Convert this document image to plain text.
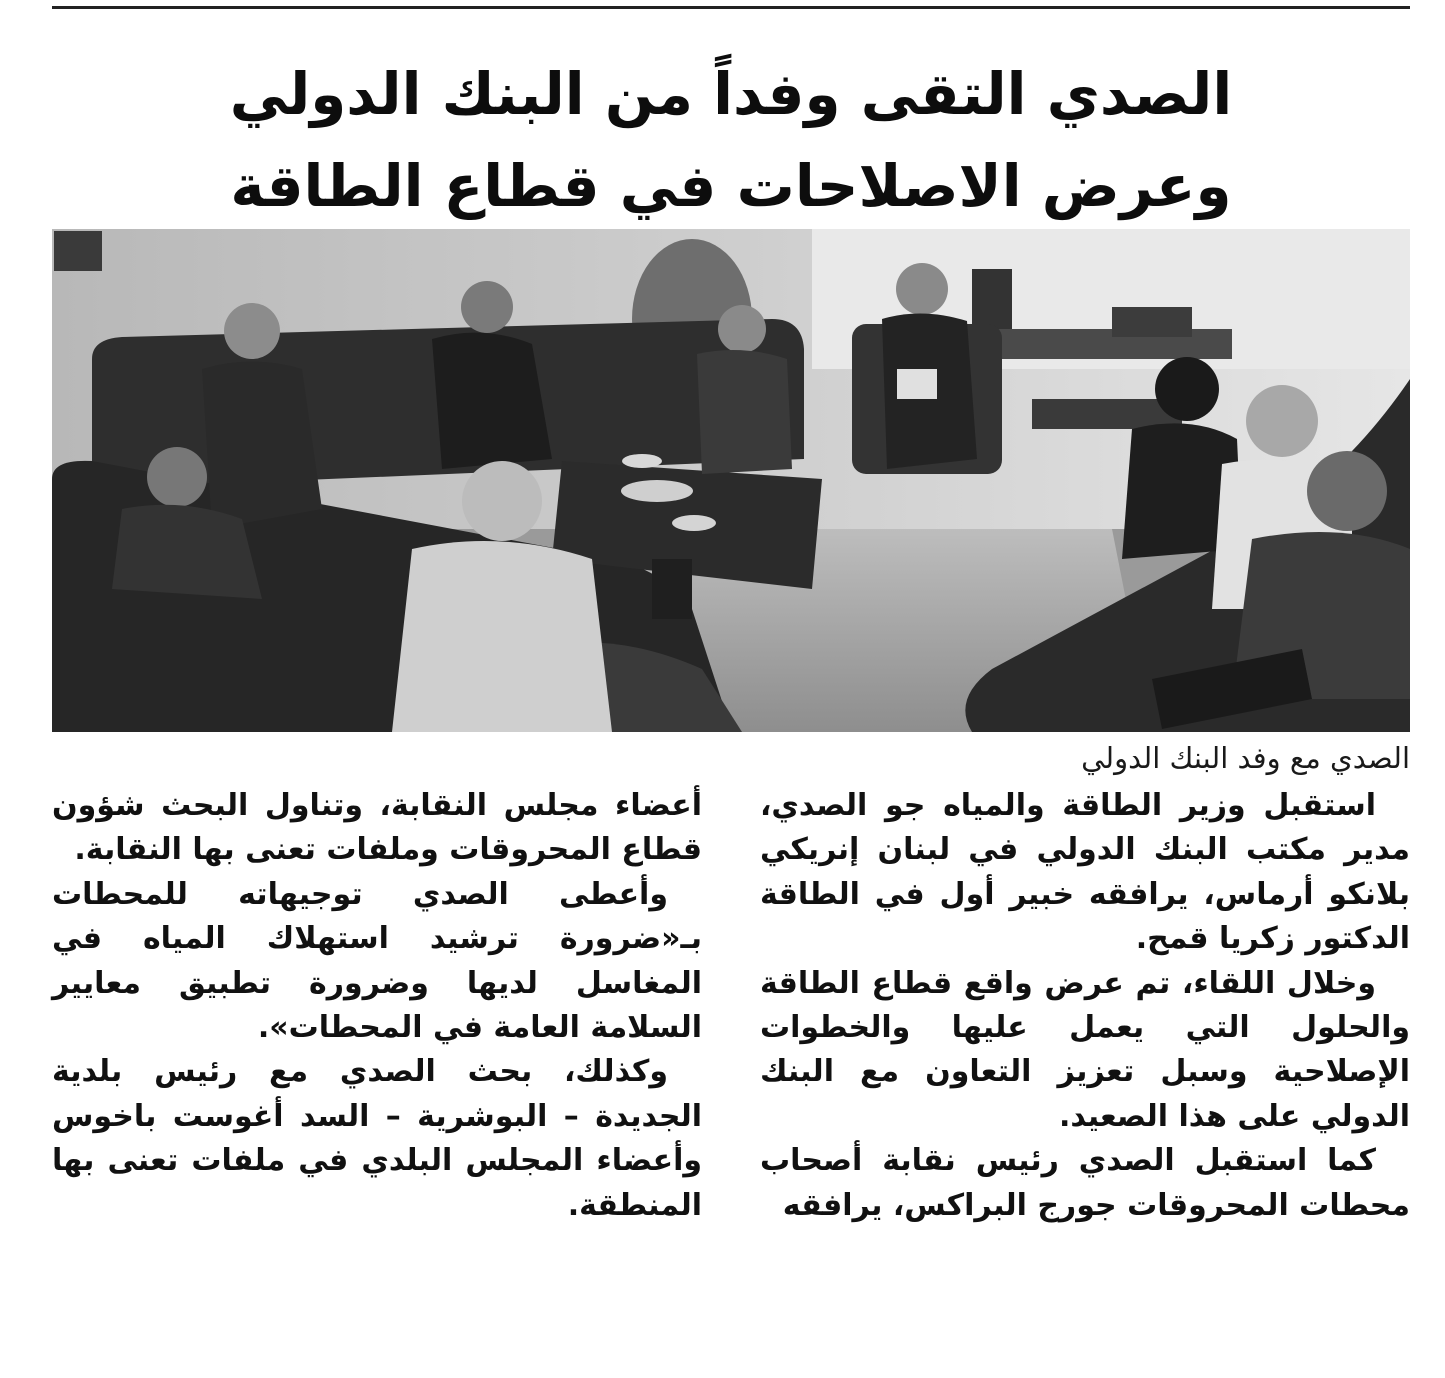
الصدي التقى وفداً من البنك الدولي
وعرض الاصلاحات في قطاع الطاقة
الصدي مع وفد البنك الدولي

استقبل وزير الطاقة والمياه جو الصدي، مدير مكتب البنك الدولي في لبنان إنريكي بلانكو أرماس، يرافقه خبير أول في الطاقة الدكتور زكريا قمح.

وخلال اللقاء، تم عرض واقع قطاع الطاقة والحلول التي يعمل عليها والخطوات الإصلاحية وسبل تعزيز التعاون مع البنك الدولي على هذا الصعيد.

كما استقبل الصدي رئيس نقابة أصحاب محطات المحروقات جورج البراكس، يرافقه

أعضاء مجلس النقابة، وتناول البحث شؤون قطاع المحروقات وملفات تعنى بها النقابة.

وأعطى الصدي توجيهاته للمحطات بـ«ضرورة ترشيد استهلاك المياه في المغاسل لديها وضرورة تطبيق معايير السلامة العامة في المحطات».

وكذلك، بحث الصدي مع رئيس بلدية الجديدة – البوشرية – السد أغوست باخوس وأعضاء المجلس البلدي في ملفات تعنى بها المنطقة.
